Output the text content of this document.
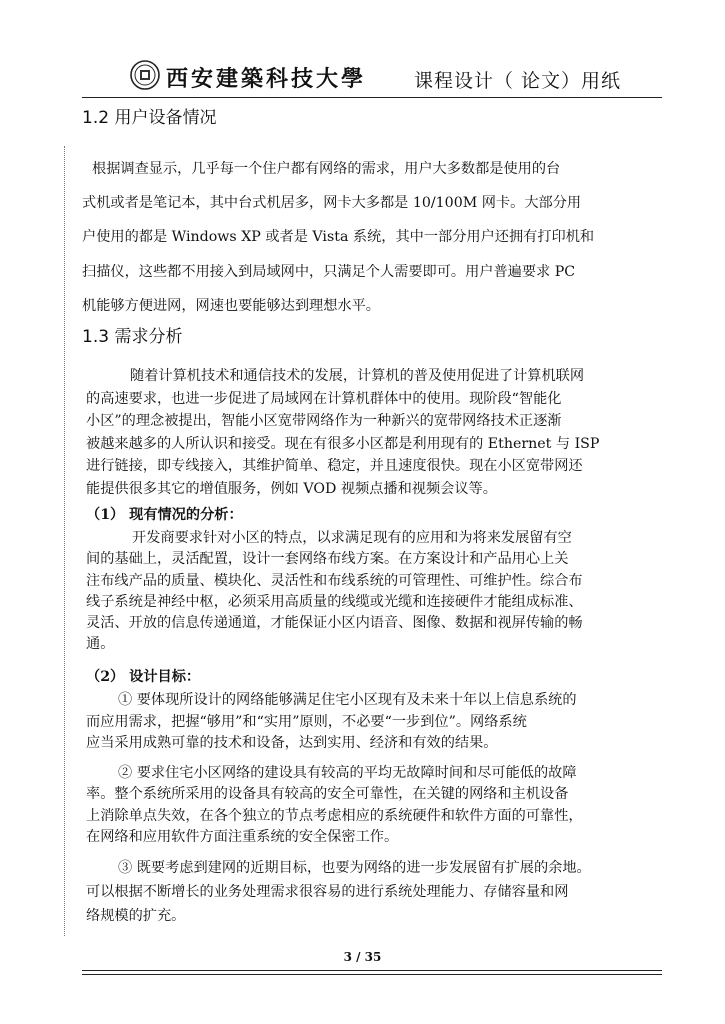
西安建築科技大學	课程设计（ 论文）用纸
1.2 用户设备情况
根据调查显示，几乎每一个住户都有网络的需求，用户大多数都是使用的台
式机或者是笔记本，其中台式机居多，网卡大多都是 10/100M 网卡。大部分用
户使用的都是 Windows XP 或者是 Vista 系统，其中一部分用户还拥有打印机和
扫描仪，这些都不用接入到局域网中，只满足个人需要即可。用户普遍要求 PC
机能够方便进网，网速也要能够达到理想水平。
1.3 需求分析
随着计算机技术和通信技术的发展，计算机的普及使用促进了计算机联网
的高速要求，也进一步促进了局域网在计算机群体中的使用。现阶段“智能化
小区”的理念被提出，智能小区宽带网络作为一种新兴的宽带网络技术正逐渐
被越来越多的人所认识和接受。现在有很多小区都是利用现有的 Ethernet 与 ISP
进行链接，即专线接入，其维护简单、稳定，并且速度很快。现在小区宽带网还
能提供很多其它的增值服务，例如 VOD 视频点播和视频会议等。
（1） 现有情况的分析：
开发商要求针对小区的特点，以求满足现有的应用和为将来发展留有空
间的基础上，灵活配置，设计一套网络布线方案。在方案设计和产品用心上关
注布线产品的质量、模块化、灵活性和布线系统的可管理性、可维护性。综合布
线子系统是神经中枢，必须采用高质量的线缆或光缆和连接硬件才能组成标准、
灵活、开放的信息传递通道，才能保证小区内语音、图像、数据和视屏传输的畅
通。
（2） 设计目标：
① 要体现所设计的网络能够满足住宅小区现有及未来十年以上信息系统的
而应用需求，把握“够用”和“实用”原则，不必要“一步到位”。网络系统
应当采用成熟可靠的技术和设备，达到实用、经济和有效的结果。
② 要求住宅小区网络的建设具有较高的平均无故障时间和尽可能低的故障
率。整个系统所采用的设备具有较高的安全可靠性，在关键的网络和主机设备
上消除单点失效，在各个独立的节点考虑相应的系统硬件和软件方面的可靠性，
在网络和应用软件方面注重系统的安全保密工作。
③ 既要考虑到建网的近期目标，也要为网络的进一步发展留有扩展的余地。
可以根据不断增长的业务处理需求很容易的进行系统处理能力、存储容量和网
络规模的扩充。
3 / 35
